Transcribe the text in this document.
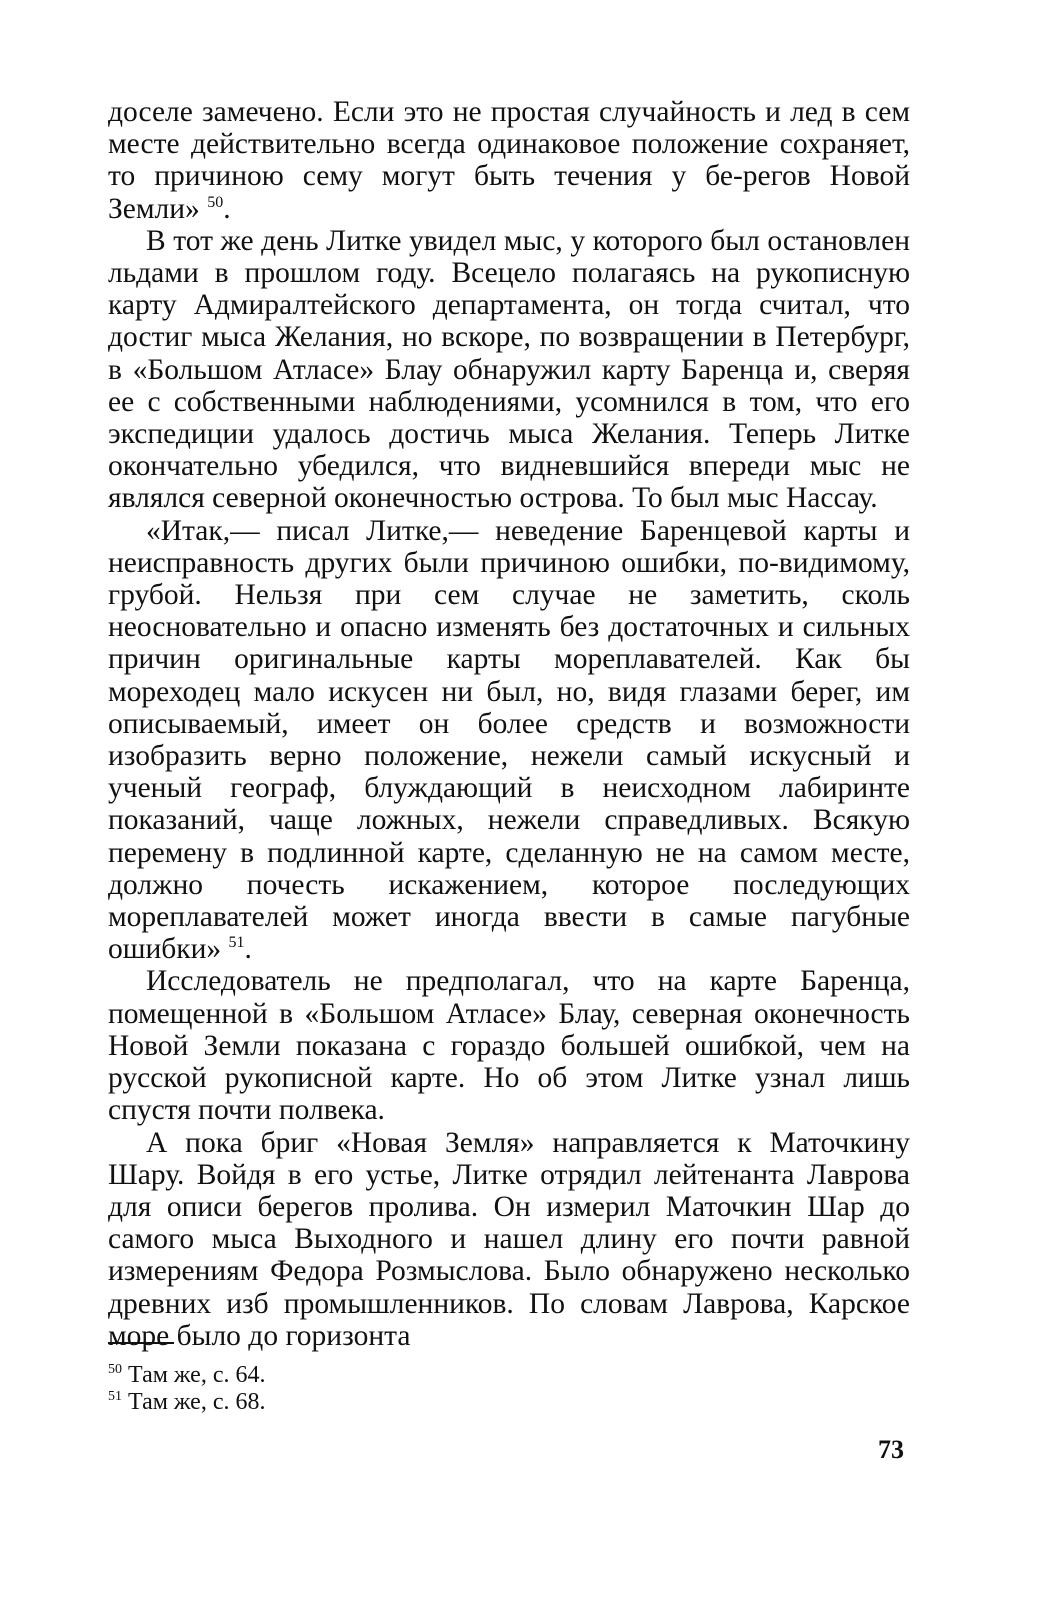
доселе замечено. Если это не простая случайность и лед в сем месте действительно всегда одинаковое положение сохраняет, то причиною сему могут быть течения у бе-регов Новой Земли» $^{50}$.

В тот же день Литке увидел мыс, у которого был остановлен льдами в прошлом году. Всецело полагаясь на рукописную карту Адмиралтейского департамента, он тогда считал, что достиг мыса Желания, но вскоре, по возвращении в Петербург, в «Большом Атласе» Блау обнаружил карту Баренца и, сверяя ее с собственными наблюдениями, усомнился в том, что его экспедиции удалось достичь мыса Желания. Теперь Литке окончательно убедился, что видневшийся впереди мыс не являлся северной оконечностью острова. То был мыс Нассау.

«Итак,— писал Литке,— неведение Баренцевой карты и неисправность других были причиною ошибки, по-видимому, грубой. Нельзя при сем случае не заметить, сколь неосновательно и опасно изменять без достаточных и сильных причин оригинальные карты мореплавателей. Как бы мореходец мало искусен ни был, но, видя глазами берег, им описываемый, имеет он более средств и возможности изобразить верно положение, нежели самый искусный и ученый географ, блуждающий в неисходном лабиринте показаний, чаще ложных, нежели справедливых. Всякую перемену в подлинной карте, сделанную не на самом месте, должно почесть искажением, которое последующих мореплавателей может иногда ввести в самые пагубные ошибки» $^{51}$.

Исследователь не предполагал, что на карте Баренца, помещенной в «Большом Атласе» Блау, северная оконечность Новой Земли показана с гораздо большей ошибкой, чем на русской рукописной карте. Но об этом Литке узнал лишь спустя почти полвека.

А пока бриг «Новая Земля» направляется к Маточкину Шару. Войдя в его устье, Литке отрядил лейтенанта Лаврова для описи берегов пролива. Он измерил Маточкин Шар до самого мыса Выходного и нашел длину его почти равной измерениям Федора Розмыслова. Было обнаружено несколько древних изб промышленников. По словам Лаврова, Карское море было до горизонта

$^{50}$ Там же, с. 64.

$^{51}$ Там же, с. 68.

73
